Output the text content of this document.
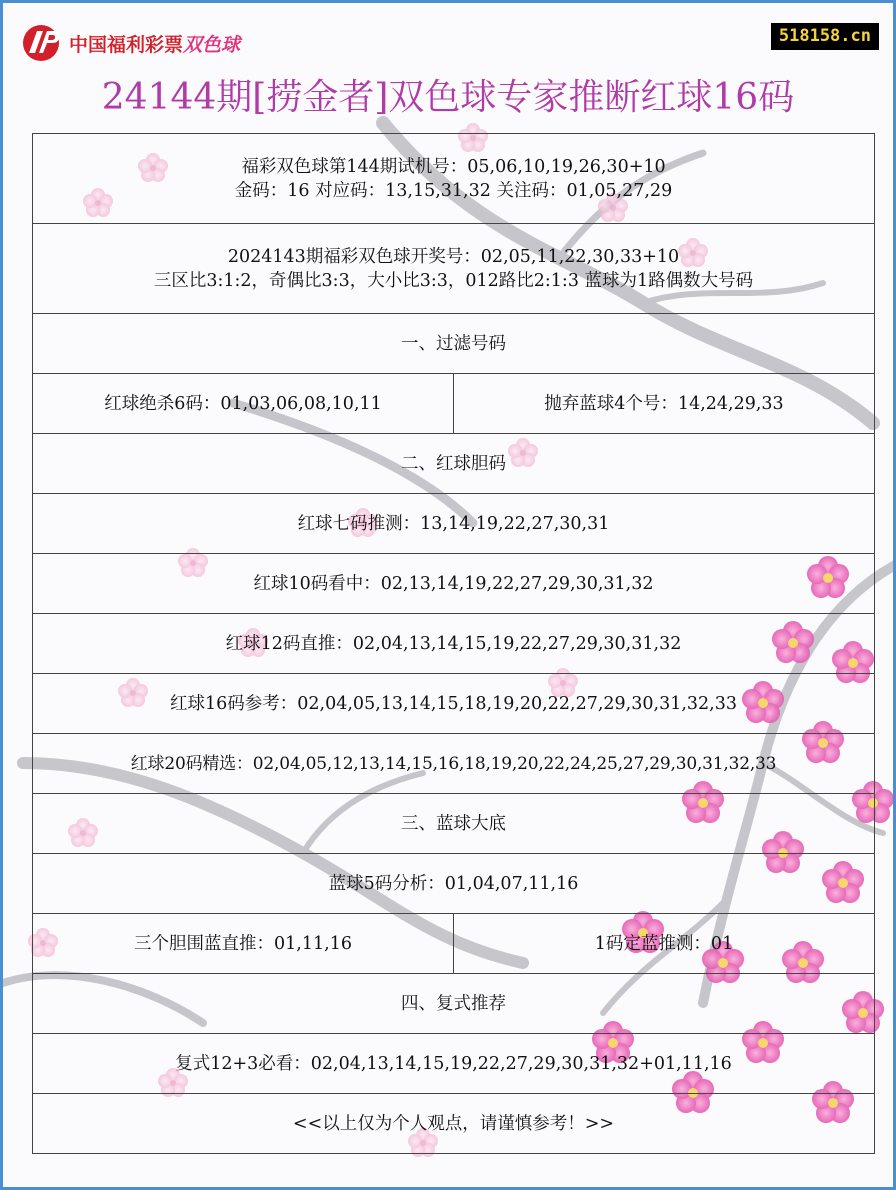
中国福利彩票双色球	518158.cn
24144期[捞金者]双色球专家推断红球16码
福彩双色球第144期试机号：05,06,10,19,26,30+10
金码：16 对应码：13,15,31,32 关注码：01,05,27,29	

2024143期福彩双色球开奖号：02,05,11,22,30,33+10
三区比3:1:2，奇偶比3:3，大小比3:3，012路比2:1:3 蓝球为1路偶数大号码	

一、过滤号码	
红球绝杀6码：01,03,06,08,10,11	抛弃蓝球4个号：14,24,29,33
二、红球胆码	
红球七码推测：13,14,19,22,27,30,31	
红球10码看中：02,13,14,19,22,27,29,30,31,32	
红球12码直推：02,04,13,14,15,19,22,27,29,30,31,32	
红球16码参考：02,04,05,13,14,15,18,19,20,22,27,29,30,31,32,33	
红球20码精选：02,04,05,12,13,14,15,16,18,19,20,22,24,25,27,29,30,31,32,33	
三、蓝球大底	
蓝球5码分析：01,04,07,11,16	
三个胆围蓝直推：01,11,16	1码定蓝推测：01
四、复式推荐	
复式12+3必看：02,04,13,14,15,19,22,27,29,30,31,32+01,11,16	
<<以上仅为个人观点，请谨慎参考！>>	
